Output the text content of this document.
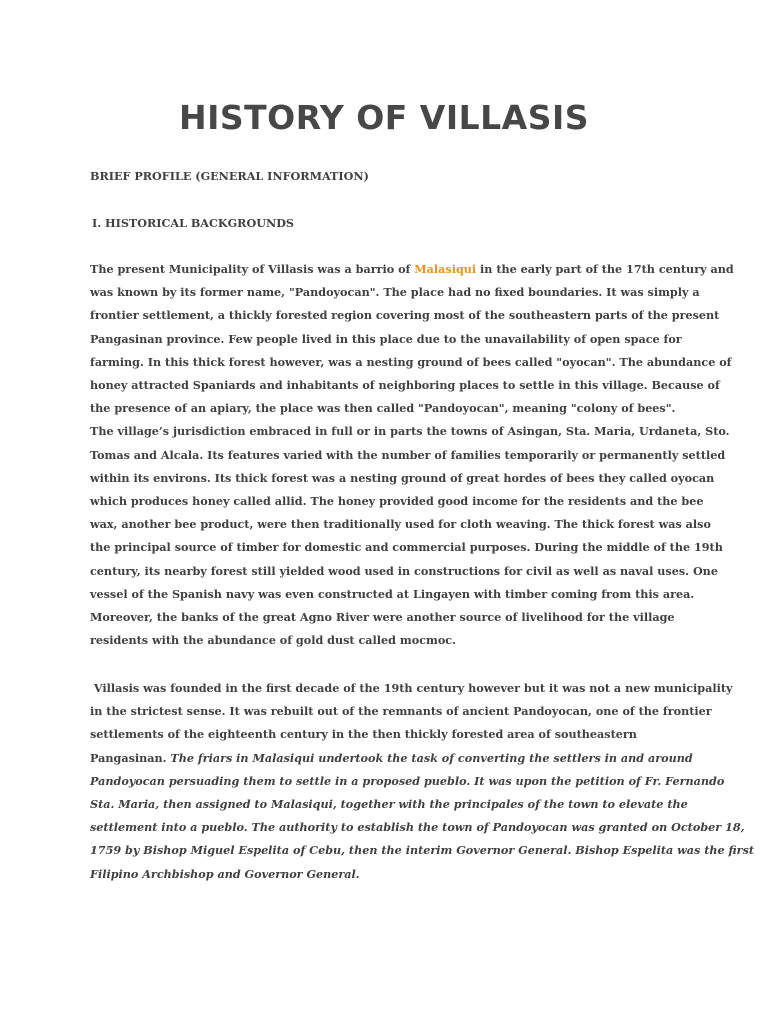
HISTORY OF VILLASIS
BRIEF PROFILE (GENERAL INFORMATION)
I. HISTORICAL BACKGROUNDS
The present Municipality of Villasis was a barrio of Malasiqui in the early part of the 17th century and
was known by its former name, "Pandoyocan". The place had no fixed boundaries. It was simply a
frontier settlement, a thickly forested region covering most of the southeastern parts of the present
Pangasinan province. Few people lived in this place due to the unavailability of open space for
farming. In this thick forest however, was a nesting ground of bees called "oyocan". The abundance of
honey attracted Spaniards and inhabitants of neighboring places to settle in this village. Because of
the presence of an apiary, the place was then called "Pandoyocan", meaning "colony of bees".
The village’s jurisdiction embraced in full or in parts the towns of Asingan, Sta. Maria, Urdaneta, Sto.
Tomas and Alcala. Its features varied with the number of families temporarily or permanently settled
within its environs. Its thick forest was a nesting ground of great hordes of bees they called oyocan
which produces honey called allid. The honey provided good income for the residents and the bee
wax, another bee product, were then traditionally used for cloth weaving. The thick forest was also
the principal source of timber for domestic and commercial purposes. During the middle of the 19th
century, its nearby forest still yielded wood used in constructions for civil as well as naval uses. One
vessel of the Spanish navy was even constructed at Lingayen with timber coming from this area.
Moreover, the banks of the great Agno River were another source of livelihood for the village
residents with the abundance of gold dust called mocmoc.
Villasis was founded in the first decade of the 19th century however but it was not a new municipality
in the strictest sense. It was rebuilt out of the remnants of ancient Pandoyocan, one of the frontier
settlements of the eighteenth century in the then thickly forested area of southeastern
Pangasinan. The friars in Malasiqui undertook the task of converting the settlers in and around
Pandoyocan persuading them to settle in a proposed pueblo. It was upon the petition of Fr. Fernando
Sta. Maria, then assigned to Malasiqui, together with the principales of the town to elevate the
settlement into a pueblo. The authority to establish the town of Pandoyocan was granted on October 18,
1759 by Bishop Miguel Espelita of Cebu, then the interim Governor General. Bishop Espelita was the first
Filipino Archbishop and Governor General.
